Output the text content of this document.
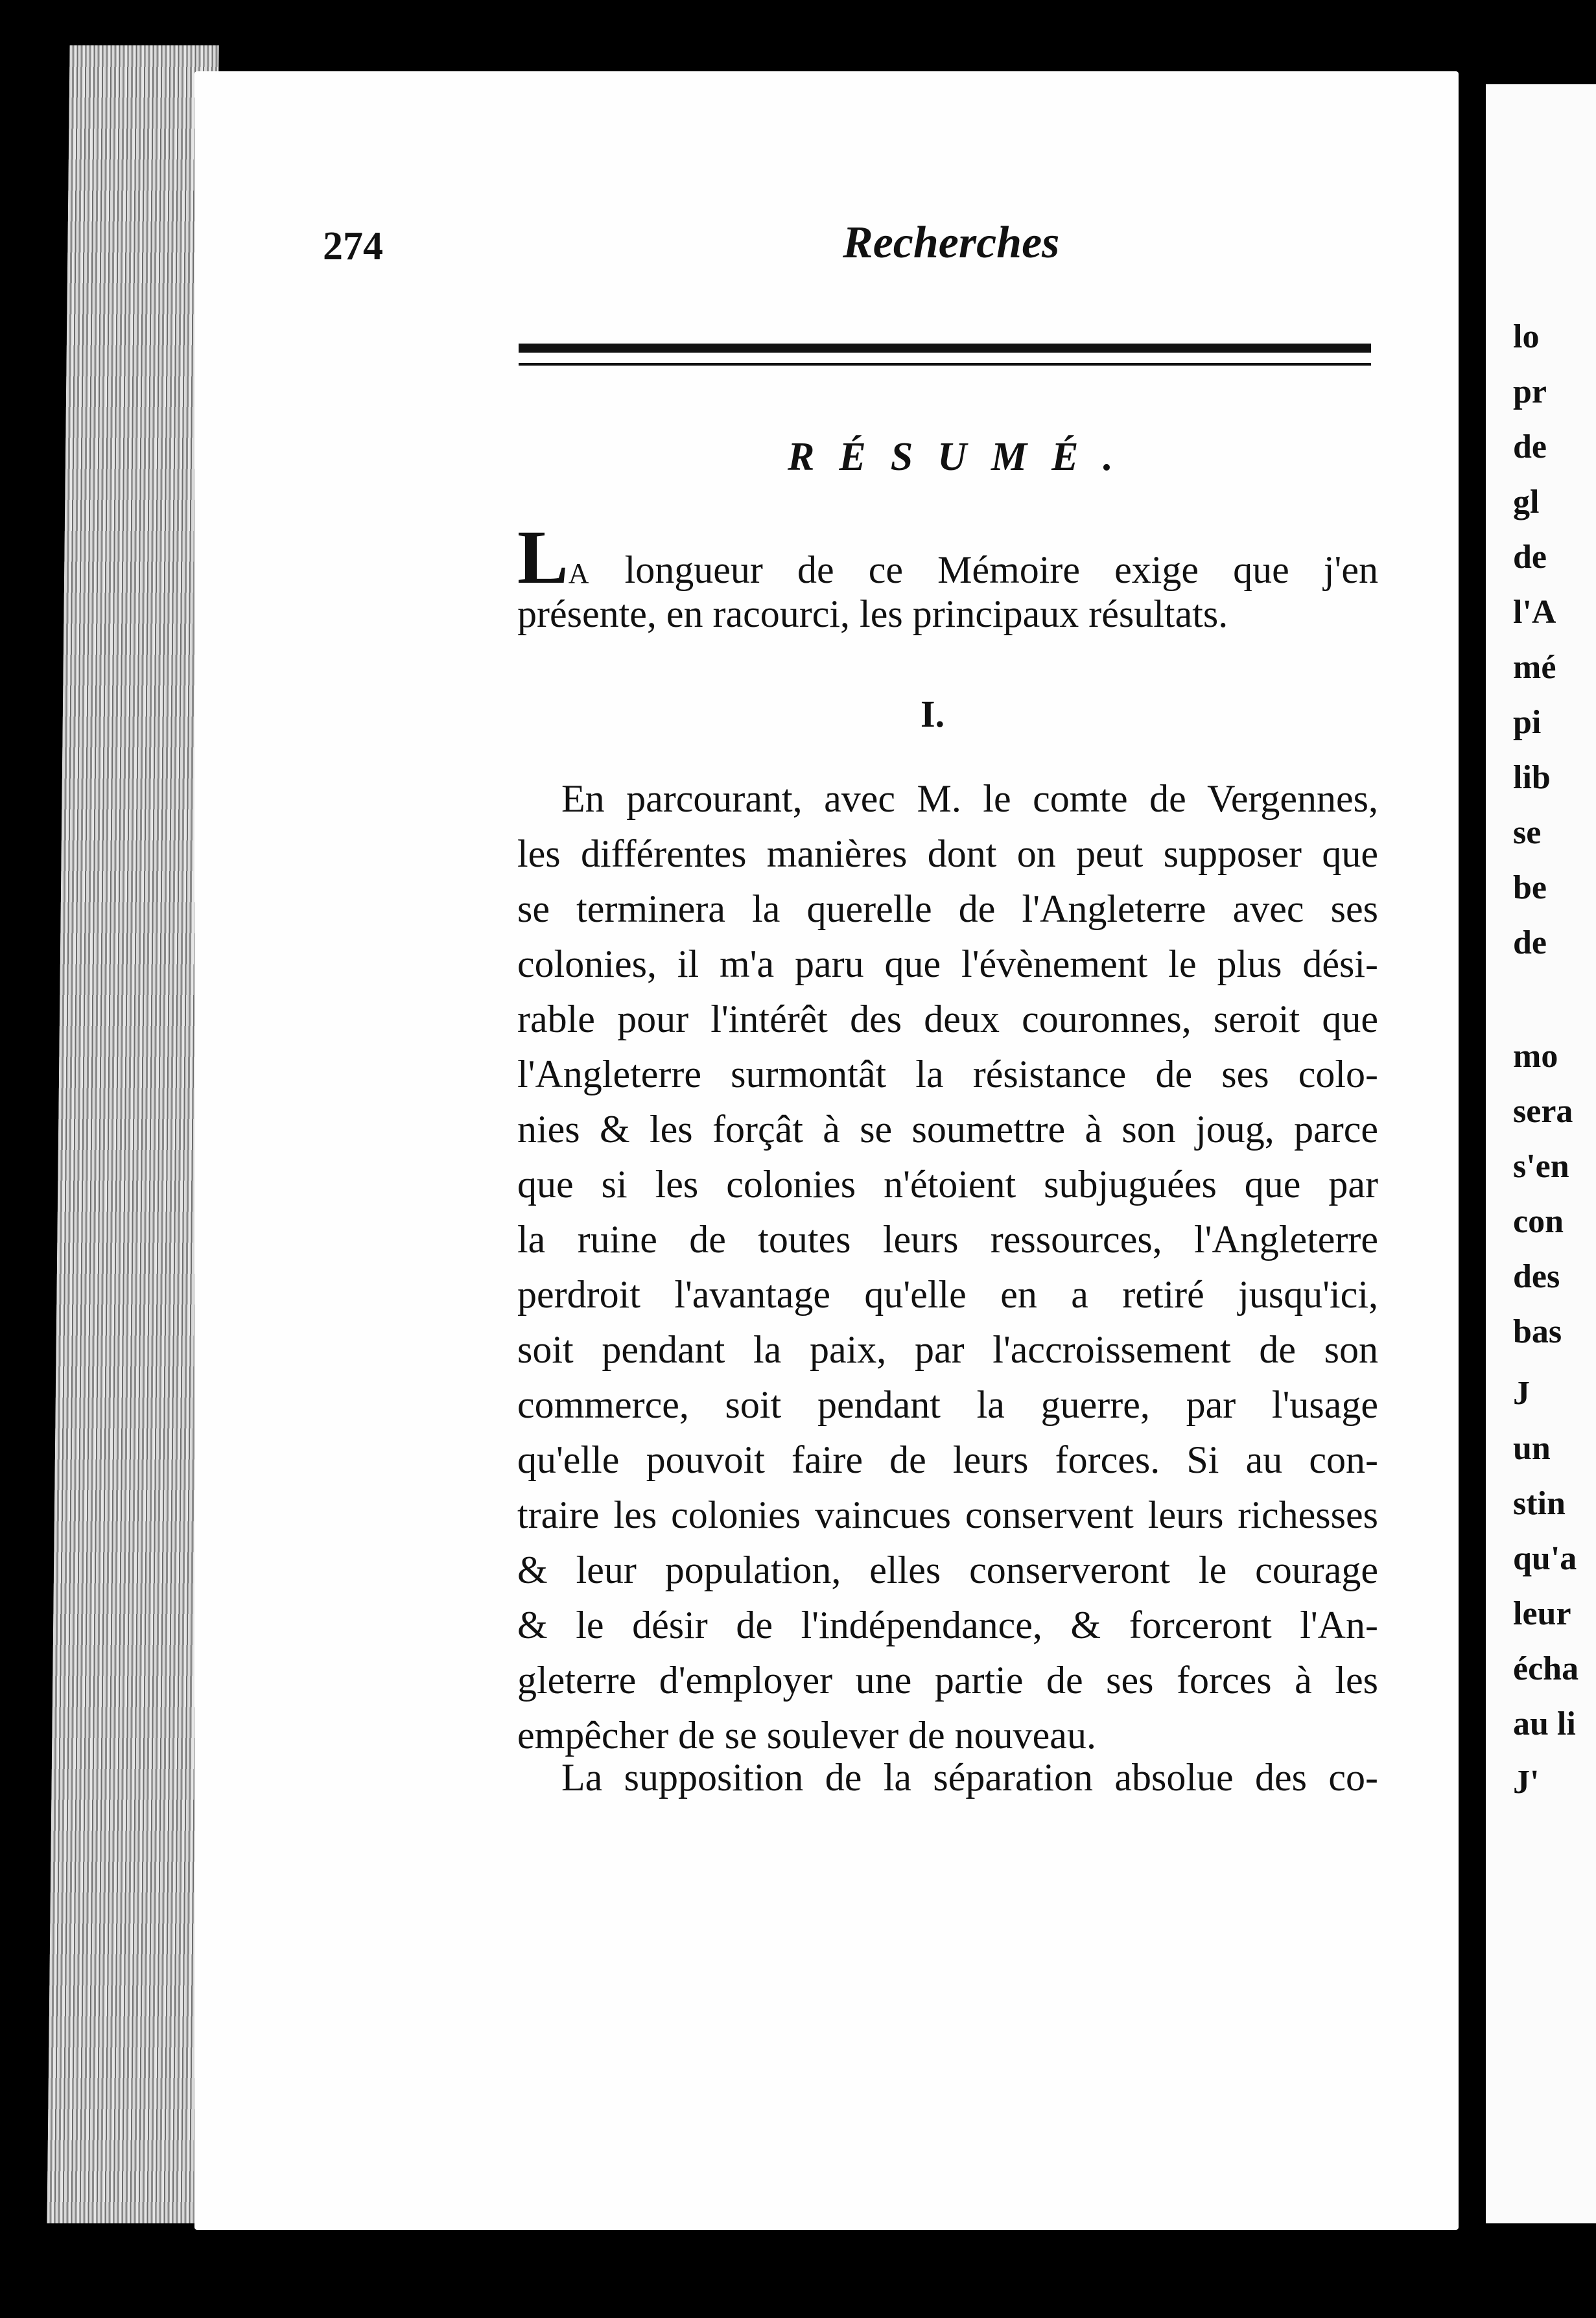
lo
pr
de
gl
de
l'A
mé
pi
lib
se
be
de
mo
sera
s'en
con
des
bas
J
un
stin
qu'a
leur
écha
au li
J'
274	Recherches
RÉSUMÉ.
LA longueur de ce Mémoire exige que j'en
présente, en racourci, les principaux résultats.
I.
En parcourant, avec M. le comte de Vergennes,
les différentes manières dont on peut supposer que
se terminera la querelle de l'Angleterre avec ses
colonies, il m'a paru que l'évènement le plus dési-
rable pour l'intérêt des deux couronnes, seroit que
l'Angleterre surmontât la résistance de ses colo-
nies & les forçât à se soumettre à son joug, parce
que si les colonies n'étoient subjuguées que par
la ruine de toutes leurs ressources, l'Angleterre
perdroit l'avantage qu'elle en a retiré jusqu'ici,
soit pendant la paix, par l'accroissement de son
commerce, soit pendant la guerre, par l'usage
qu'elle pouvoit faire de leurs forces. Si au con-
traire les colonies vaincues conservent leurs richesses
& leur population, elles conserveront le courage
& le désir de l'indépendance, & forceront l'An-
gleterre d'employer une partie de ses forces à les
empêcher de se soulever de nouveau.
La supposition de la séparation absolue des co-
